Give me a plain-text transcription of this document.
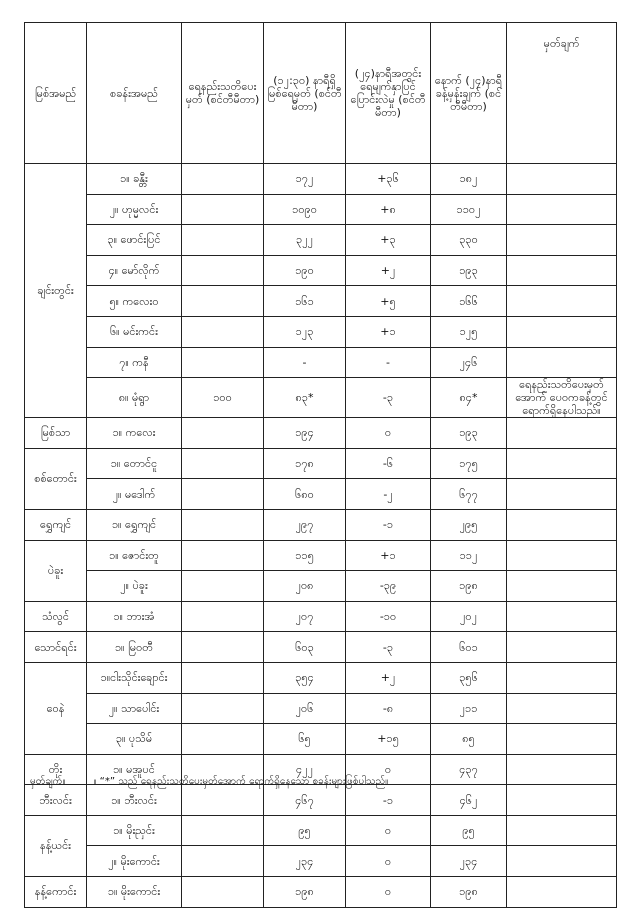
မြစ်အမည်	စခန်းအမည်	ရေနည်းသတိပေးမှတ် (စင်တီမီတာ)	(၁၂:၃၀) နာရီရှိ မြစ်ရေမှတ် (စင်တီမီတာ)	(၂၄)နာရီအတွင်း ရေမျက်နှာပြင် ပြောင်းလဲမှု (စင်တီမီတာ)	နောက် (၂၄)နာရီ ခန့်မှန်းချက် (စင်တီမီတာ)	မှတ်ချက်
ချင်းတွင်း	၁။ ခန္တီး		၁၇၂	+၃၆	၁၈၂	
	၂။ ဟုမ္မလင်း		၁၀၉၀	+၈	၁၁၀၂	
	၃။ ဖောင်းပြင်		၃၂၂	+၃	၃၃၀	
	၄။ မော်လိုက်		၁၉၀	+၂	၁၉၃	
	၅။ ကလေးဝ		၁၆၁	+၅	၁၆၆	
	၆။ မင်းကင်း		၁၂၃	+၁	၁၂၅	
	၇။ ကနီ		-	-	၂၄၆	
	၈။ မုံရွာ	၁၀၀	၈၃*	-၃	၈၄*	ရေနည်းသတိပေးမှတ်အောက် ပေ၀ကခန့်တွင် ရောက်ရှိနေပါသည်။
မြစ်သာ	၁။ ကလေး		၁၉၄	၀	၁၉၃	
စစ်တောင်း	၁။ တောင်ငူ		၁၇၈	-၆	၁၇၅	
	၂။ မဒေါက်		၆၈၀	-၂	၆၇၇	
ရွှေကျင်	၁။ ရွှေကျင်		၂၉၇	-၁	၂၉၅	
ပဲခူး	၁။ ဇောင်းတူ		၁၁၅	+၁	၁၁၂	
	၂။ ပဲခူး		၂၀၈	-၃၉	၁၉၈	
သံလွင်	၁။ ဘားအံ		၂၀၇	-၁၀	၂၀၂	
သောင်ရင်း	၁။ မြဝတီ		၆၀၃	-၃	၆၀၁	
ဝေနဲ	၁။ငါးသိုင်းချောင်း		၃၅၄	+၂	၃၅၆	
	၂။ သာပေါင်း		၂၀၆	-၈	၂၁၁	
	၃။ ပုသိမ်		၆၅	+၁၅	၈၅	
တိုး	၁။ မအူပင်		၄၂၂	၀	၄၃၇	
ဘီးလင်း	၁။ ဘီးလင်း		၄၆၇	-၁	၄၆၂	
နန့်ယင်း	၁။ မိုးညှင်း		၉၅	၀	၉၅	
	၂။ မိုးကောင်း		၂၃၄	၀	၂၃၄	
နန့်ကောင်း	၁။ မိုးကောင်း		၁၉၈	၀	၁၉၈	
မှတ်ချက်။	။ “*” သည် ရေနည်းသတိပေးမှတ်အောက် ရောက်ရှိနေသော စခန်းများဖြစ်ပါသည်။
